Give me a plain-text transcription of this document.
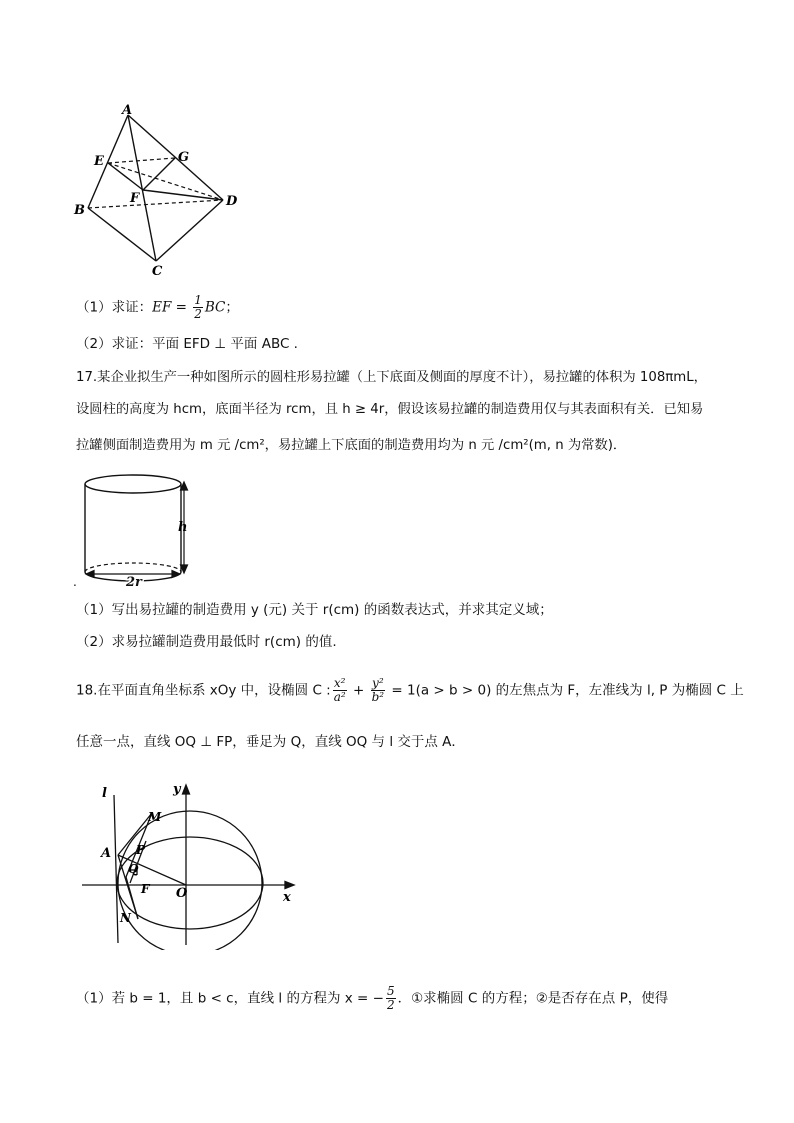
A
E	G
F	D
B
C
（1）求证：EF = $\frac{1}{2}$ BC；
（2）求证：平面 EFD ⊥ 平面 ABC .
17.某企业拟生产一种如图所示的圆柱形易拉罐（上下底面及侧面的厚度不计），易拉罐的体积为 108πmL，
设圆柱的高度为 hcm，底面半径为 rcm，且 h ≥ 4r，假设该易拉罐的制造费用仅与其表面积有关．已知易
拉罐侧面制造费用为 m 元 /cm²，易拉罐上下底面的制造费用均为 n 元 /cm²(m, n 为常数)．
h
2r
.
（1）写出易拉罐的制造费用 y (元) 关于 r(cm) 的函数表达式，并求其定义域；
（2）求易拉罐制造费用最低时 r(cm) 的值.
18.在平面直角坐标系 xOy 中，设椭圆 C : $\frac{\text{x²}}{\text{a²}} + \frac{\text{y²}}{\text{b²}} = 1(a > b > 0)$ 的左焦点为 F，左准线为 l, P 为椭圆 C 上
任意一点，直线 OQ ⊥ FP，垂足为 Q，直线 OQ 与 l 交于点 A．
l	y
M
A P
Q
F O	x
N
（1）若 b = 1，且 b < c，直线 l 的方程为 x = − $\frac{5}{2}$ ．①求椭圆 C 的方程；②是否存在点 P，使得
